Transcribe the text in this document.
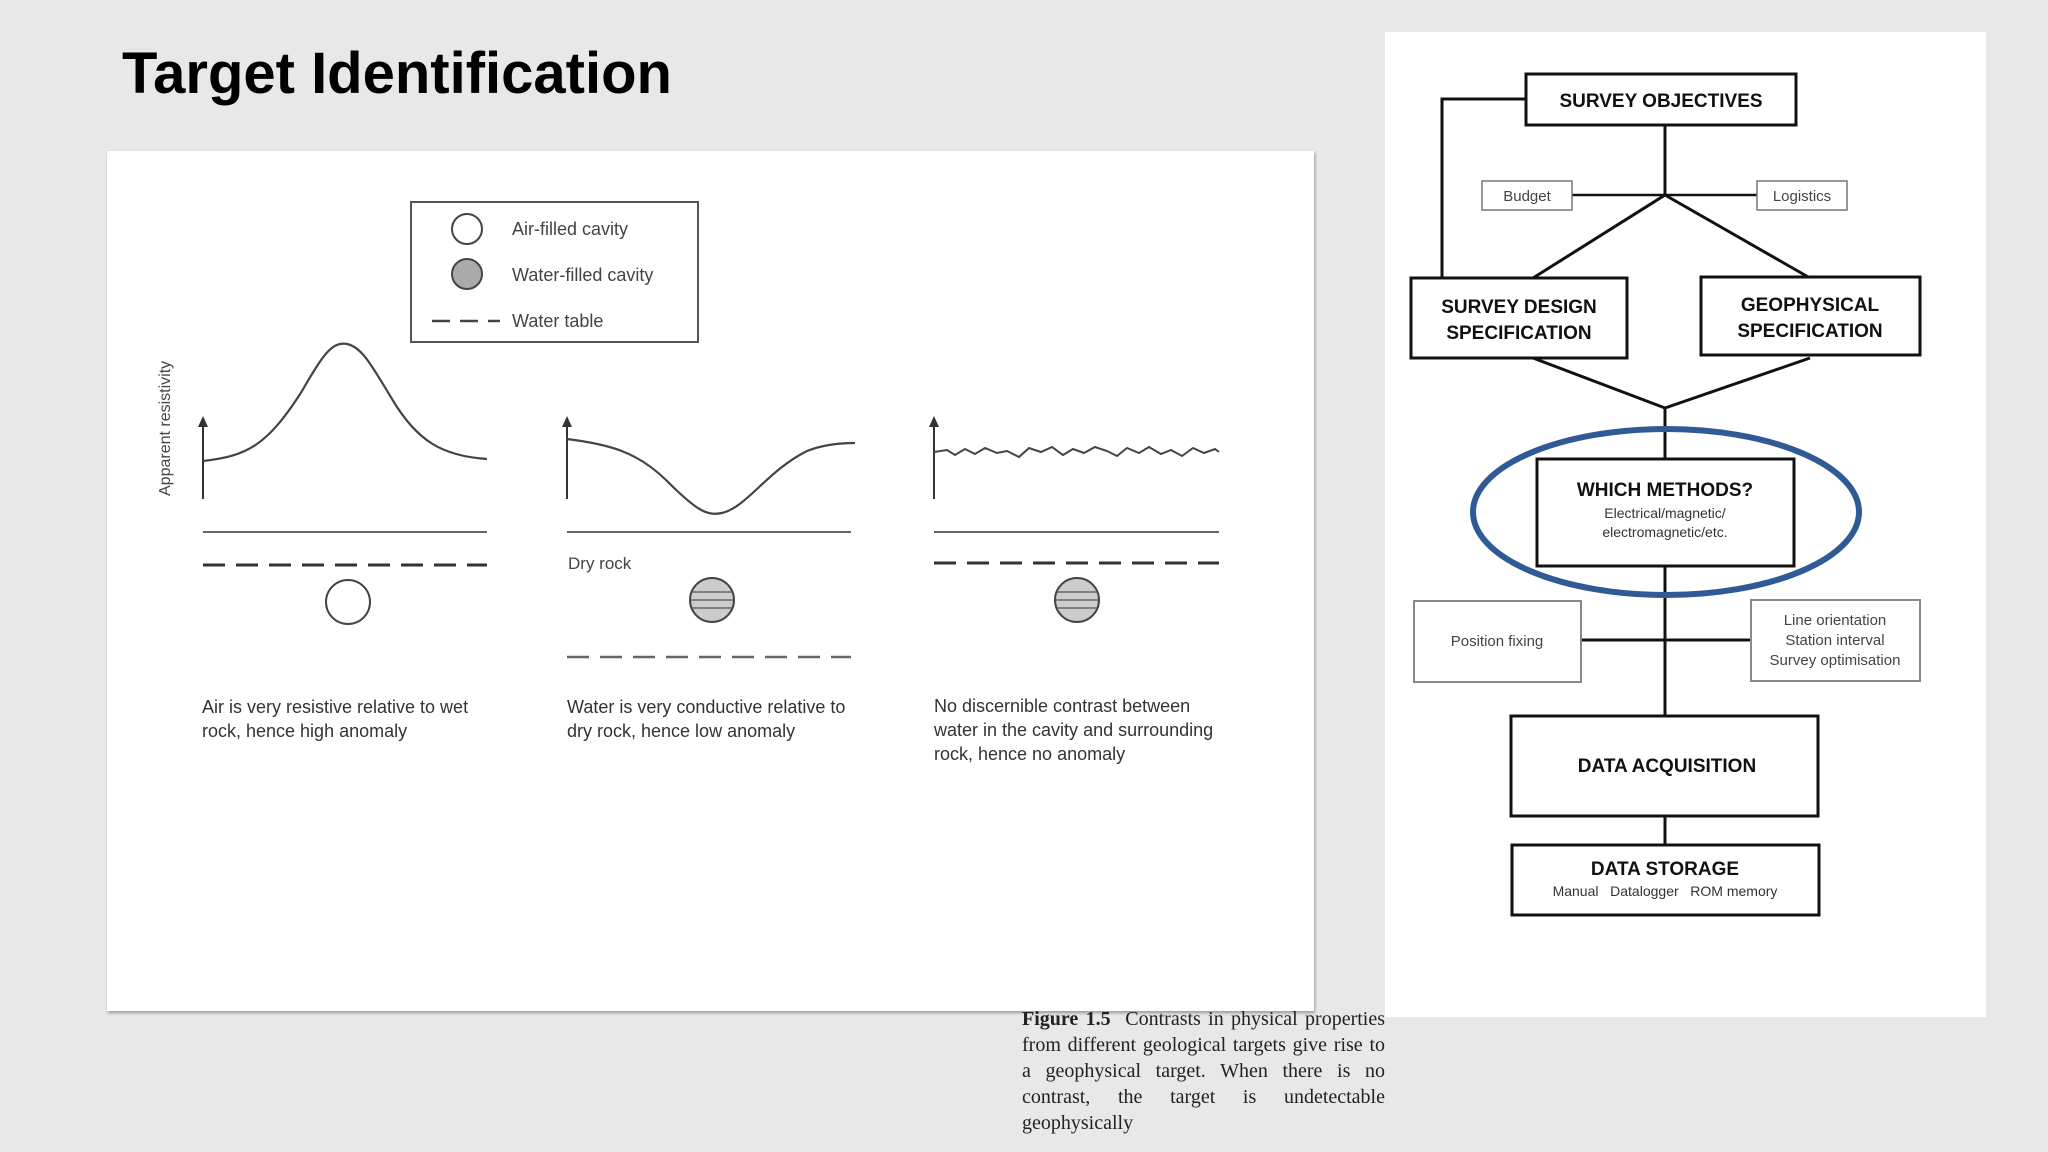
Target Identification
Air-filled cavity
Water-filled cavity
Water table
Apparent resistivity
Dry rock
Air is very resistive relative to wet rock, hence high anomaly
Water is very conductive relative to dry rock, hence low anomaly
No discernible contrast between water in the cavity and surrounding rock, hence no anomaly
Figure 1.5 Contrasts in physical properties from different geological targets give rise to a geophysical target. When there is no contrast, the target is undetectable geophysically
SURVEY OBJECTIVES
Budget	Logistics
SURVEY DESIGN
SPECIFICATION
GEOPHYSICAL
SPECIFICATION
WHICH METHODS?
Electrical/magnetic/
electromagnetic/etc.
Position fixing
Line orientation
Station interval
Survey optimisation
DATA ACQUISITION
DATA STORAGE
Manual   Datalogger   ROM memory
